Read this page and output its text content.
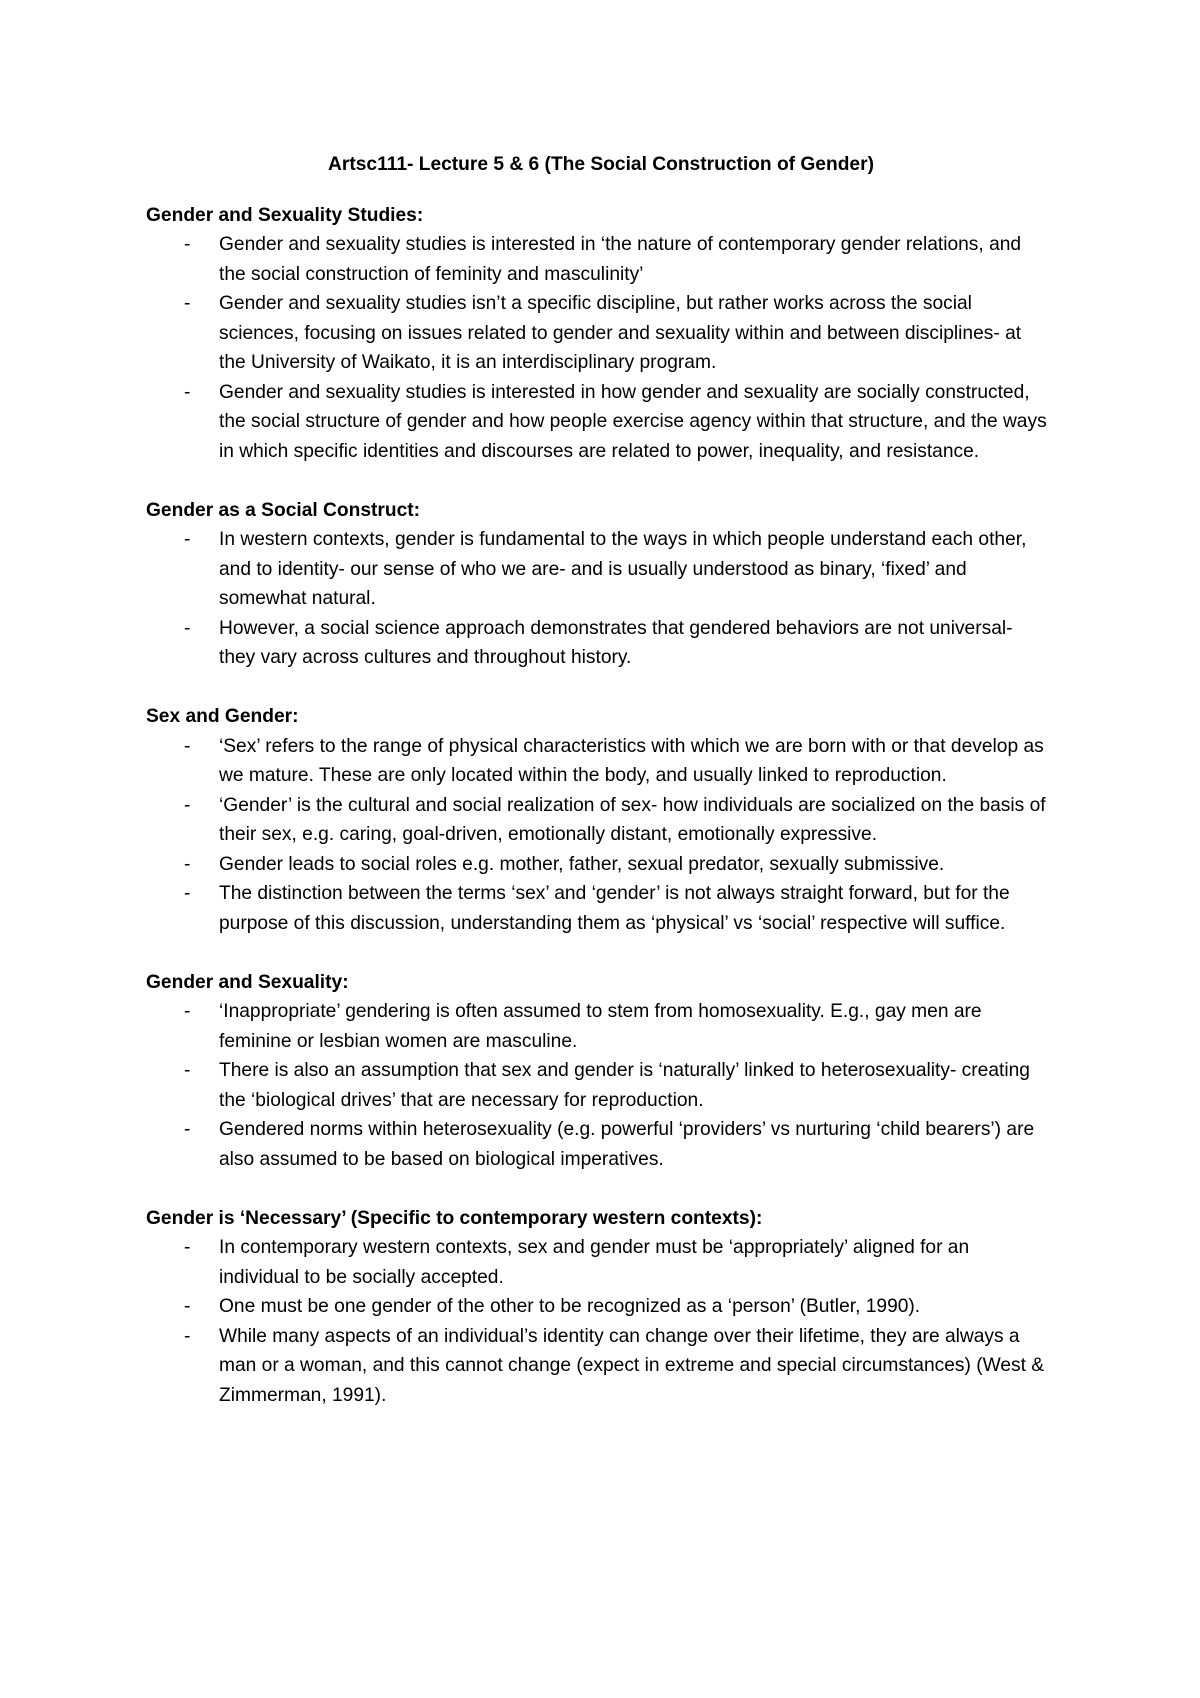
Artsc111- Lecture 5 & 6 (The Social Construction of Gender)
Gender and Sexuality Studies:
- Gender and sexuality studies is interested in ‘the nature of contemporary gender relations, and the social construction of feminity and masculinity’
- Gender and sexuality studies isn’t a specific discipline, but rather works across the social sciences, focusing on issues related to gender and sexuality within and between disciplines- at the University of Waikato, it is an interdisciplinary program.
- Gender and sexuality studies is interested in how gender and sexuality are socially constructed, the social structure of gender and how people exercise agency within that structure, and the ways in which specific identities and discourses are related to power, inequality, and resistance.
Gender as a Social Construct:
- In western contexts, gender is fundamental to the ways in which people understand each other, and to identity- our sense of who we are- and is usually understood as binary, ‘fixed’ and somewhat natural.
- However, a social science approach demonstrates that gendered behaviors are not universal- they vary across cultures and throughout history.
Sex and Gender:
- ‘Sex’ refers to the range of physical characteristics with which we are born with or that develop as we mature. These are only located within the body, and usually linked to reproduction.
- ‘Gender’ is the cultural and social realization of sex- how individuals are socialized on the basis of their sex, e.g. caring, goal-driven, emotionally distant, emotionally expressive.
- Gender leads to social roles e.g. mother, father, sexual predator, sexually submissive.
- The distinction between the terms ‘sex’ and ‘gender’ is not always straight forward, but for the purpose of this discussion, understanding them as ‘physical’ vs ‘social’ respective will suffice.
Gender and Sexuality:
- ‘Inappropriate’ gendering is often assumed to stem from homosexuality. E.g., gay men are feminine or lesbian women are masculine.
- There is also an assumption that sex and gender is ‘naturally’ linked to heterosexuality- creating the ‘biological drives’ that are necessary for reproduction.
- Gendered norms within heterosexuality (e.g. powerful ‘providers’ vs nurturing ‘child bearers’) are also assumed to be based on biological imperatives.
Gender is ‘Necessary’ (Specific to contemporary western contexts):
- In contemporary western contexts, sex and gender must be ‘appropriately’ aligned for an individual to be socially accepted.
- One must be one gender of the other to be recognized as a ‘person’ (Butler, 1990).
- While many aspects of an individual’s identity can change over their lifetime, they are always a man or a woman, and this cannot change (expect in extreme and special circumstances) (West & Zimmerman, 1991).
